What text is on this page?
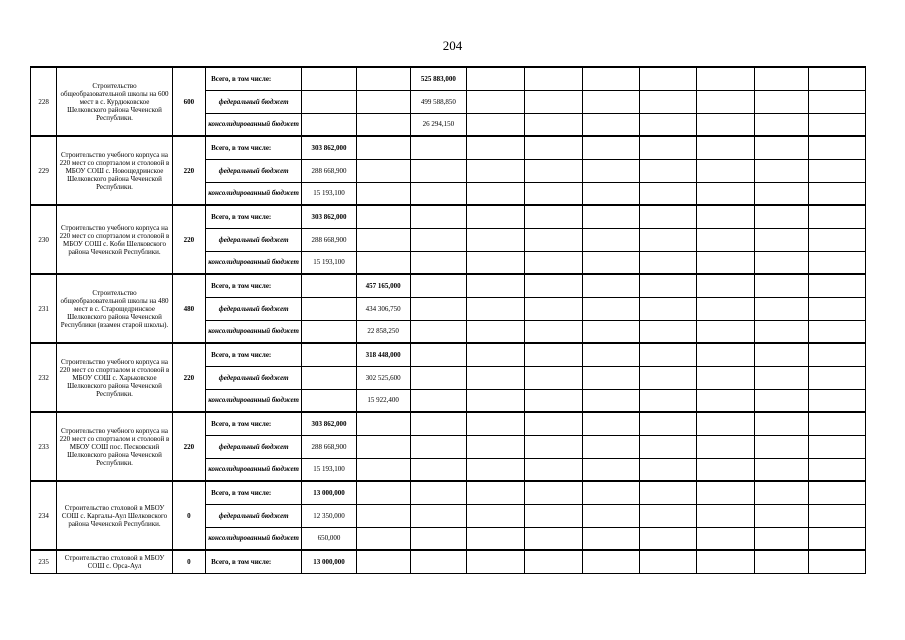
204
228	Строительство общеобразовательной школы на 600 мест в с. Курдюковское Шелковского района Чеченской Республики.	600	Всего, в том числе:			525 883,000							
			федеральный бюджет			499 588,850							
			консолидированный бюджет			26 294,150							
229	Строительство учебного корпуса на 220 мест со спортзалом и столовой в МБОУ СОШ с. Новощедринское Шелковского района Чеченской Республики.	220	Всего, в том числе:	303 862,000									
			федеральный бюджет	288 668,900									
			консолидированный бюджет	15 193,100									
230	Строительство учебного корпуса на 220 мест со спортзалом и столовой в МБОУ СОШ с. Коби Шелковского района Чеченской Республики.	220	Всего, в том числе:	303 862,000									
			федеральный бюджет	288 668,900									
			консолидированный бюджет	15 193,100									
231	Строительство общеобразовательной школы на 480 мест в с. Старощедринское Шелковского района Чеченской Республики (взамен старой школы).	480	Всего, в том числе:		457 165,000								
			федеральный бюджет		434 306,750								
			консолидированный бюджет		22 858,250								
232	Строительство учебного корпуса на 220 мест со спортзалом и столовой в МБОУ СОШ с. Харьковское Шелковского района Чеченской Республики.	220	Всего, в том числе:		318 448,000								
			федеральный бюджет		302 525,600								
			консолидированный бюджет		15 922,400								
233	Строительство учебного корпуса на 220 мест со спортзалом и столовой в МБОУ СОШ пос. Песковский Шелковского района Чеченской Республики.	220	Всего, в том числе:	303 862,000									
			федеральный бюджет	288 668,900									
			консолидированный бюджет	15 193,100									
234	Строительство столовой в МБОУ СОШ с. Каргалы-Аул Шелковского района Чеченской Республики.	0	Всего, в том числе:	13 000,000									
			федеральный бюджет	12 350,000									
			консолидированный бюджет	650,000									
235	Строительство столовой в МБОУ СОШ с. Орса-Аул	0	Всего, в том числе:	13 000,000									
